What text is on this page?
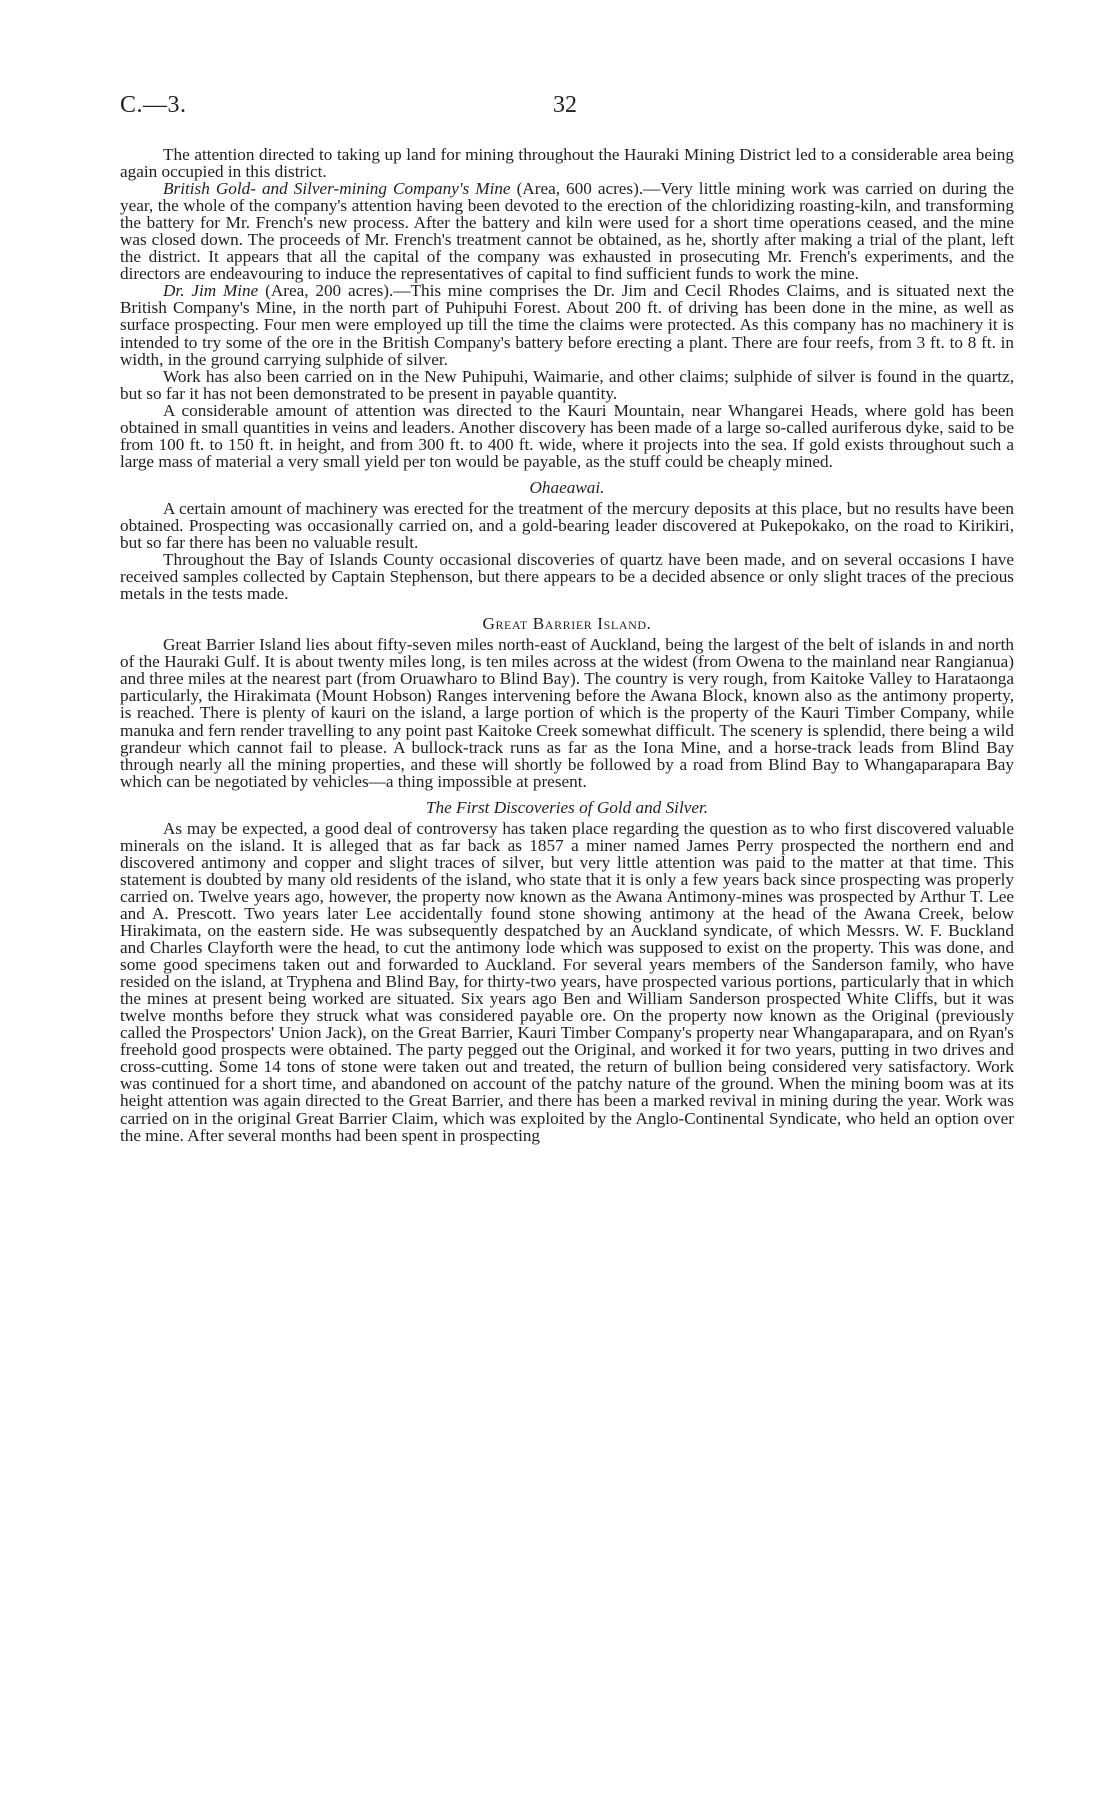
C.—3.	32

The attention directed to taking up land for mining throughout the Hauraki Mining District led to a considerable area being again occupied in this district.

British Gold- and Silver-mining Company's Mine (Area, 600 acres).—Very little mining work was carried on during the year, the whole of the company's attention having been devoted to the erection of the chloridizing roasting-kiln, and transforming the battery for Mr. French's new process. After the battery and kiln were used for a short time operations ceased, and the mine was closed down. The proceeds of Mr. French's treatment cannot be obtained, as he, shortly after making a trial of the plant, left the district. It appears that all the capital of the company was exhausted in prosecuting Mr. French's experiments, and the directors are endeavouring to induce the representatives of capital to find sufficient funds to work the mine.

Dr. Jim Mine (Area, 200 acres).—This mine comprises the Dr. Jim and Cecil Rhodes Claims, and is situated next the British Company's Mine, in the north part of Puhipuhi Forest. About 200 ft. of driving has been done in the mine, as well as surface prospecting. Four men were employed up till the time the claims were protected. As this company has no machinery it is intended to try some of the ore in the British Company's battery before erecting a plant. There are four reefs, from 3 ft. to 8 ft. in width, in the ground carrying sulphide of silver.

Work has also been carried on in the New Puhipuhi, Waimarie, and other claims; sulphide of silver is found in the quartz, but so far it has not been demonstrated to be present in payable quantity.

A considerable amount of attention was directed to the Kauri Mountain, near Whangarei Heads, where gold has been obtained in small quantities in veins and leaders. Another discovery has been made of a large so-called auriferous dyke, said to be from 100 ft. to 150 ft. in height, and from 300 ft. to 400 ft. wide, where it projects into the sea. If gold exists throughout such a large mass of material a very small yield per ton would be payable, as the stuff could be cheaply mined.

Ohaeawai.

A certain amount of machinery was erected for the treatment of the mercury deposits at this place, but no results have been obtained. Prospecting was occasionally carried on, and a gold-bearing leader discovered at Pukepokako, on the road to Kirikiri, but so far there has been no valuable result.

Throughout the Bay of Islands County occasional discoveries of quartz have been made, and on several occasions I have received samples collected by Captain Stephenson, but there appears to be a decided absence or only slight traces of the precious metals in the tests made.

Great Barrier Island.

Great Barrier Island lies about fifty-seven miles north-east of Auckland, being the largest of the belt of islands in and north of the Hauraki Gulf. It is about twenty miles long, is ten miles across at the widest (from Owena to the mainland near Rangianua) and three miles at the nearest part (from Oruawharo to Blind Bay). The country is very rough, from Kaitoke Valley to Harataonga particularly, the Hirakimata (Mount Hobson) Ranges intervening before the Awana Block, known also as the antimony property, is reached. There is plenty of kauri on the island, a large portion of which is the property of the Kauri Timber Company, while manuka and fern render travelling to any point past Kaitoke Creek somewhat difficult. The scenery is splendid, there being a wild grandeur which cannot fail to please. A bullock-track runs as far as the Iona Mine, and a horse-track leads from Blind Bay through nearly all the mining properties, and these will shortly be followed by a road from Blind Bay to Whangaparapara Bay which can be negotiated by vehicles—a thing impossible at present.

The First Discoveries of Gold and Silver.

As may be expected, a good deal of controversy has taken place regarding the question as to who first discovered valuable minerals on the island. It is alleged that as far back as 1857 a miner named James Perry prospected the northern end and discovered antimony and copper and slight traces of silver, but very little attention was paid to the matter at that time. This statement is doubted by many old residents of the island, who state that it is only a few years back since prospecting was properly carried on. Twelve years ago, however, the property now known as the Awana Antimony-mines was prospected by Arthur T. Lee and A. Prescott. Two years later Lee accidentally found stone showing antimony at the head of the Awana Creek, below Hirakimata, on the eastern side. He was subsequently despatched by an Auckland syndicate, of which Messrs. W. F. Buckland and Charles Clayforth were the head, to cut the antimony lode which was supposed to exist on the property. This was done, and some good specimens taken out and forwarded to Auckland. For several years members of the Sanderson family, who have resided on the island, at Tryphena and Blind Bay, for thirty-two years, have prospected various portions, particularly that in which the mines at present being worked are situated. Six years ago Ben and William Sanderson prospected White Cliffs, but it was twelve months before they struck what was considered payable ore. On the property now known as the Original (previously called the Prospectors' Union Jack), on the Great Barrier, Kauri Timber Company's property near Whangaparapara, and on Ryan's freehold good prospects were obtained. The party pegged out the Original, and worked it for two years, putting in two drives and cross-cutting. Some 14 tons of stone were taken out and treated, the return of bullion being considered very satisfactory. Work was continued for a short time, and abandoned on account of the patchy nature of the ground. When the mining boom was at its height attention was again directed to the Great Barrier, and there has been a marked revival in mining during the year. Work was carried on in the original Great Barrier Claim, which was exploited by the Anglo-Continental Syndicate, who held an option over the mine. After several months had been spent in prospecting
